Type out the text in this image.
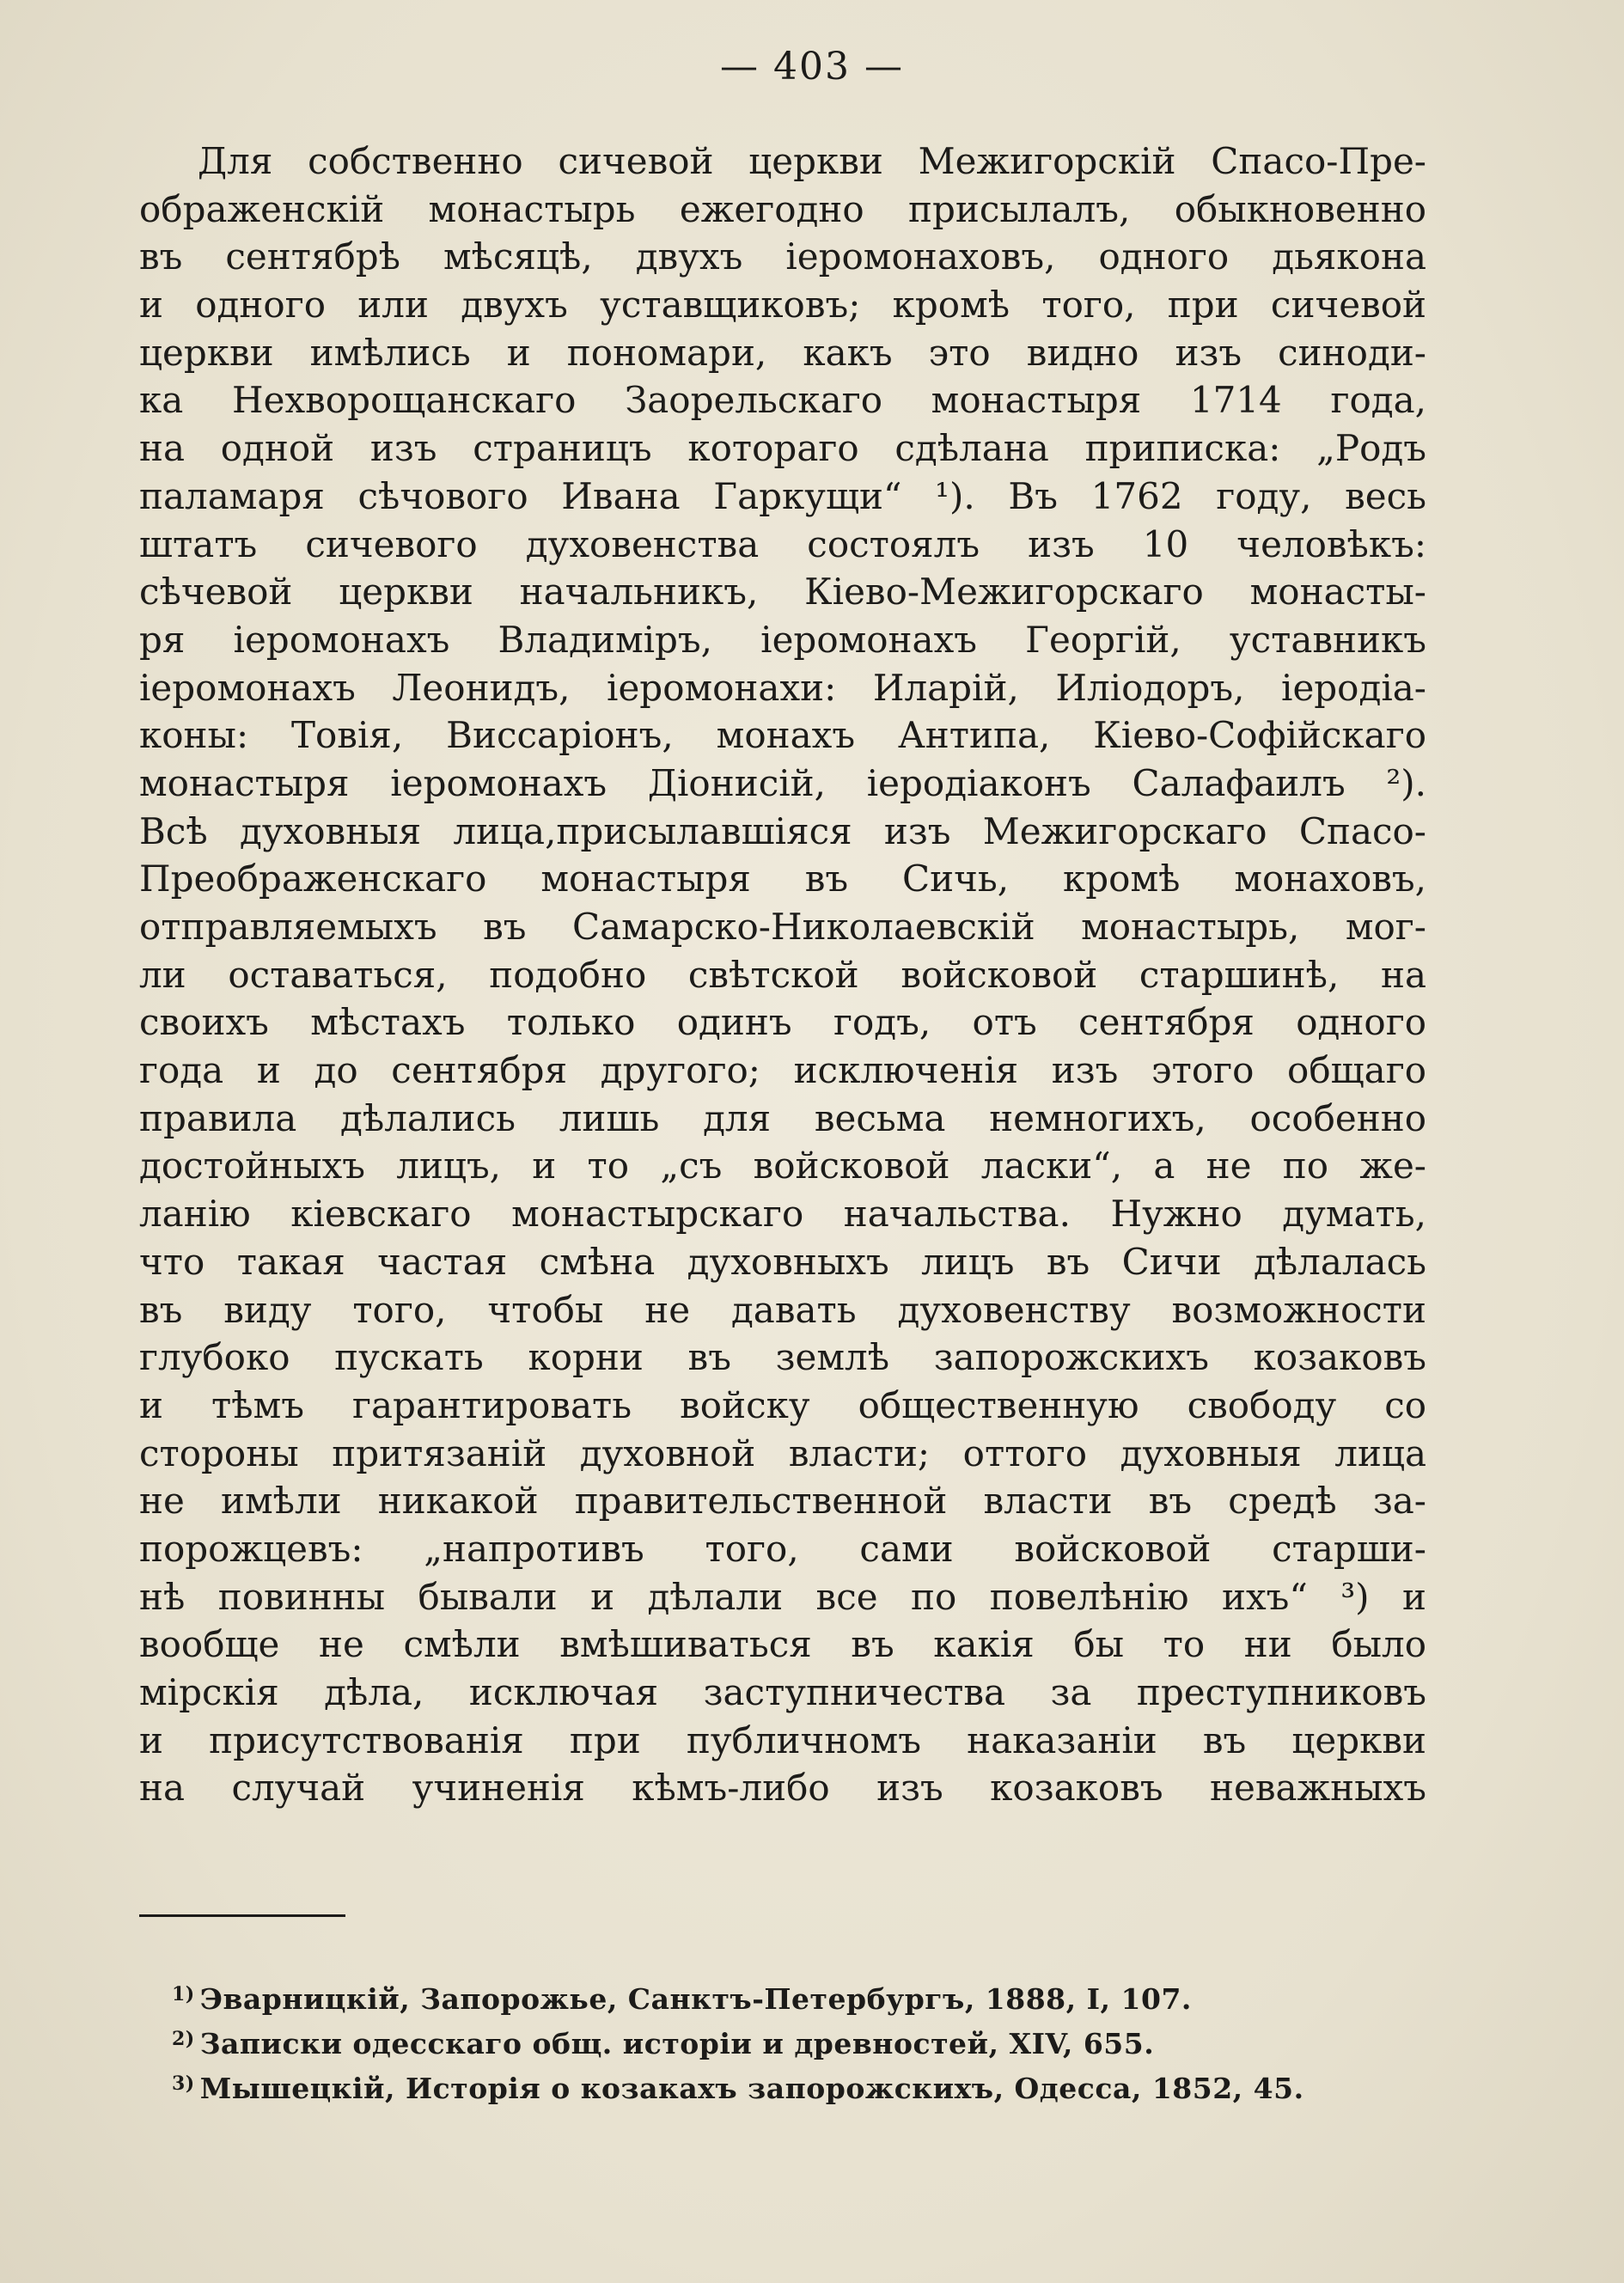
— 403 —
Для собственно сичевой церкви Межигорскій Спасо-Пре-
ображенскій монастырь ежегодно присылалъ, обыкновенно
въ сентябрѣ мѣсяцѣ, двухъ іеромонаховъ, одного дьякона
и одного или двухъ уставщиковъ; кромѣ того, при сичевой
церкви имѣлись и пономари, какъ это видно изъ синоди-
ка Нехворощанскаго Заорельскаго монастыря 1714 года,
на одной изъ страницъ котораго сдѣлана приписка: „Родъ
паламаря сѣчового Ивана Гаркущи“ ¹). Въ 1762 году, весь
штатъ сичевого духовенства состоялъ изъ 10 человѣкъ:
сѣчевой церкви начальникъ, Кіево-Межигорскаго монасты-
ря іеромонахъ Владиміръ, іеромонахъ Георгій, уставникъ
іеромонахъ Леонидъ, іеромонахи: Иларій, Иліодоръ, іеродіа-
коны: Товія, Виссаріонъ, монахъ Антипа, Кіево-Софійскаго
монастыря іеромонахъ Діонисій, іеродіаконъ Салафаилъ ²).
Всѣ духовныя лица,присылавшіяся изъ Межигорскаго Спасо-
Преображенскаго монастыря въ Сичь, кромѣ монаховъ,
отправляемыхъ въ Самарско-Николаевскій монастырь, мог-
ли оставаться, подобно свѣтской войсковой старшинѣ, на
своихъ мѣстахъ только одинъ годъ, отъ сентября одного
года и до сентября другого; исключенія изъ этого общаго
правила дѣлались лишь для весьма немногихъ, особенно
достойныхъ лицъ, и то „съ войсковой ласки“, а не по же-
ланію кіевскаго монастырскаго начальства. Нужно думать,
что такая частая смѣна духовныхъ лицъ въ Сичи дѣлалась
въ виду того, чтобы не давать духовенству возможности
глубоко пускать корни въ землѣ запорожскихъ козаковъ
и тѣмъ гарантировать войску общественную свободу со
стороны притязаній духовной власти; оттого духовныя лица
не имѣли никакой правительственной власти въ средѣ за-
порожцевъ: „напротивъ того, сами войсковой старши-
нѣ повинны бывали и дѣлали все по повелѣнію ихъ“ ³) и
вообще не смѣли вмѣшиваться въ какія бы то ни было
мірскія дѣла, исключая заступничества за преступниковъ
и присутствованія при публичномъ наказаніи въ церкви
на случай учиненія кѣмъ-либо изъ козаковъ неважныхъ
$^{1)}$ Эварницкій, Запорожье, Санктъ-Петербургъ, 1888, I, 107.
$^{2)}$ Записки одесскаго общ. исторіи и древностей, XIV, 655.
$^{3)}$ Мышецкій, Исторія о козакахъ запорожскихъ, Одесса, 1852, 45.
